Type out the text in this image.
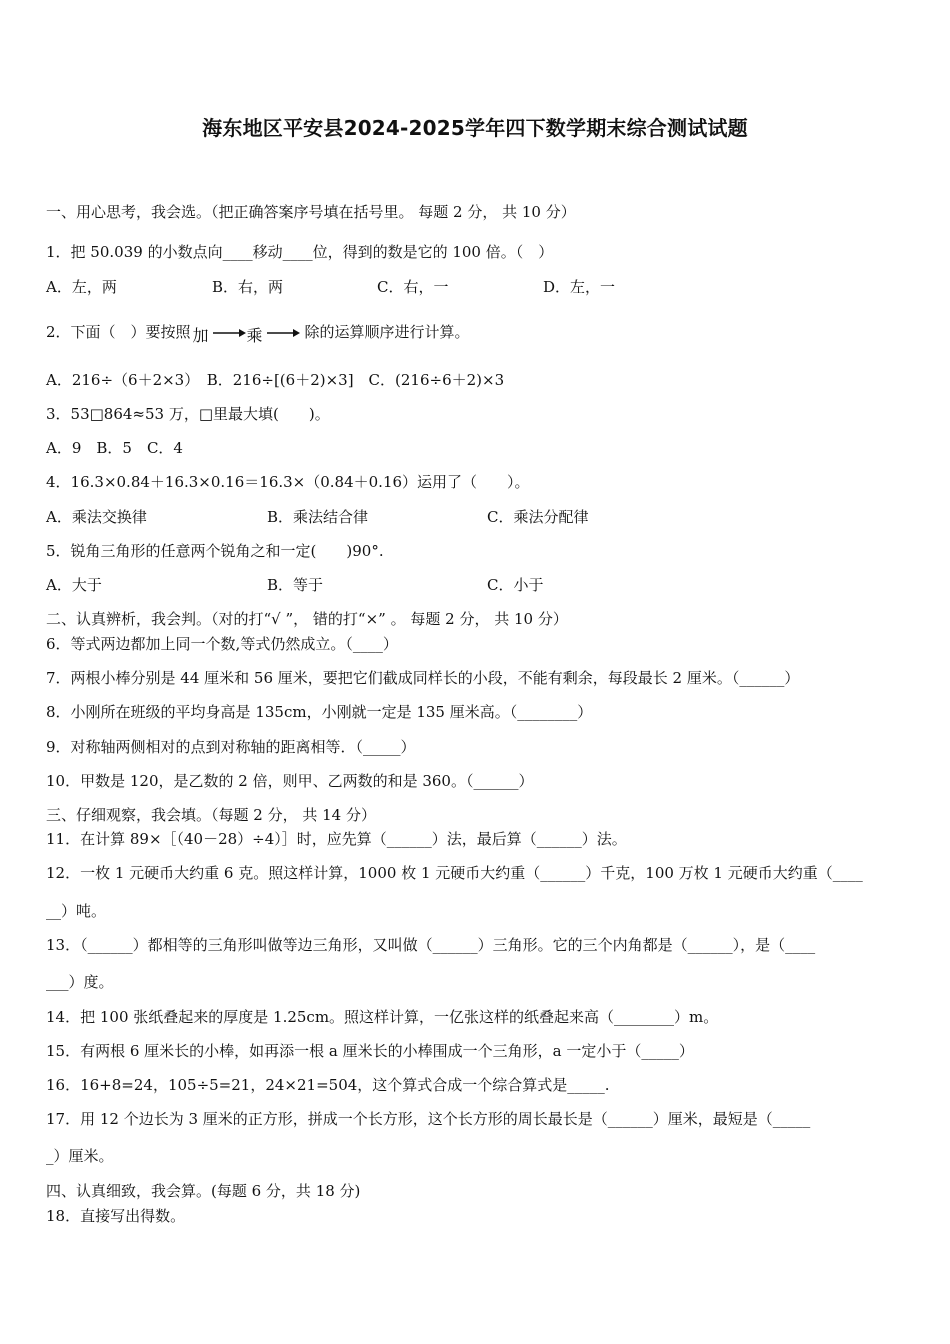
海东地区平安县2024-2025学年四下数学期末综合测试试题
一、用心思考，我会选。（把正确答案序号填在括号里。 每题 2 分， 共 10 分）
1．把 50.039 的小数点向____移动____位，得到的数是它的 100 倍。（　）
A．左，两	B．右，两	C．右，一	D．左，一
2．下面（　）要按照 加 乘	除的运算顺序进行计算。
A．216÷（6＋2×3）　B．216÷[(6＋2)×3]　C．(216÷6＋2)×3
3．53□864≈53 万，□里最大填(　　)。
A．9　B．5　C．4
4．16.3×0.84＋16.3×0.16＝16.3×（0.84＋0.16）运用了（　　）。
A．乘法交换律	B．乘法结合律	C．乘法分配律
5．锐角三角形的任意两个锐角之和一定(　　)90°.
A．大于	B．等于	C．小于
二、认真辨析，我会判。（对的打“√ ”， 错的打“×” 。 每题 2 分， 共 10 分）
6．等式两边都加上同一个数,等式仍然成立。（____）
7．两根小棒分别是 44 厘米和 56 厘米，要把它们截成同样长的小段，不能有剩余，每段最长 2 厘米。（______）
8．小刚所在班级的平均身高是 135cm，小刚就一定是 135 厘米高。（________）
9．对称轴两侧相对的点到对称轴的距离相等．（_____）
10．甲数是 120，是乙数的 2 倍，则甲、乙两数的和是 360。（______）
三、仔细观察，我会填。（每题 2 分， 共 14 分）
11．在计算 89×［（40－28）÷4）］时，应先算（______）法，最后算（______）法。
12．一枚 1 元硬币大约重 6 克。照这样计算，1000 枚 1 元硬币大约重（______）千克，100 万枚 1 元硬币大约重（____
__）吨。
13．（______）都相等的三角形叫做等边三角形，又叫做（______）三角形。它的三个内角都是（______），是（____
___）度。
14．把 100 张纸叠起来的厚度是 1.25cm。照这样计算，一亿张这样的纸叠起来高（________）m。
15．有两根 6 厘米长的小棒，如再添一根 a 厘米长的小棒围成一个三角形，a 一定小于（_____）
16．16+8=24，105÷5=21，24×21=504，这个算式合成一个综合算式是_____.
17．用 12 个边长为 3 厘米的正方形，拼成一个长方形，这个长方形的周长最长是（______）厘米，最短是（_____
_）厘米。
四、认真细致，我会算。(每题 6 分，共 18 分)
18．直接写出得数。
